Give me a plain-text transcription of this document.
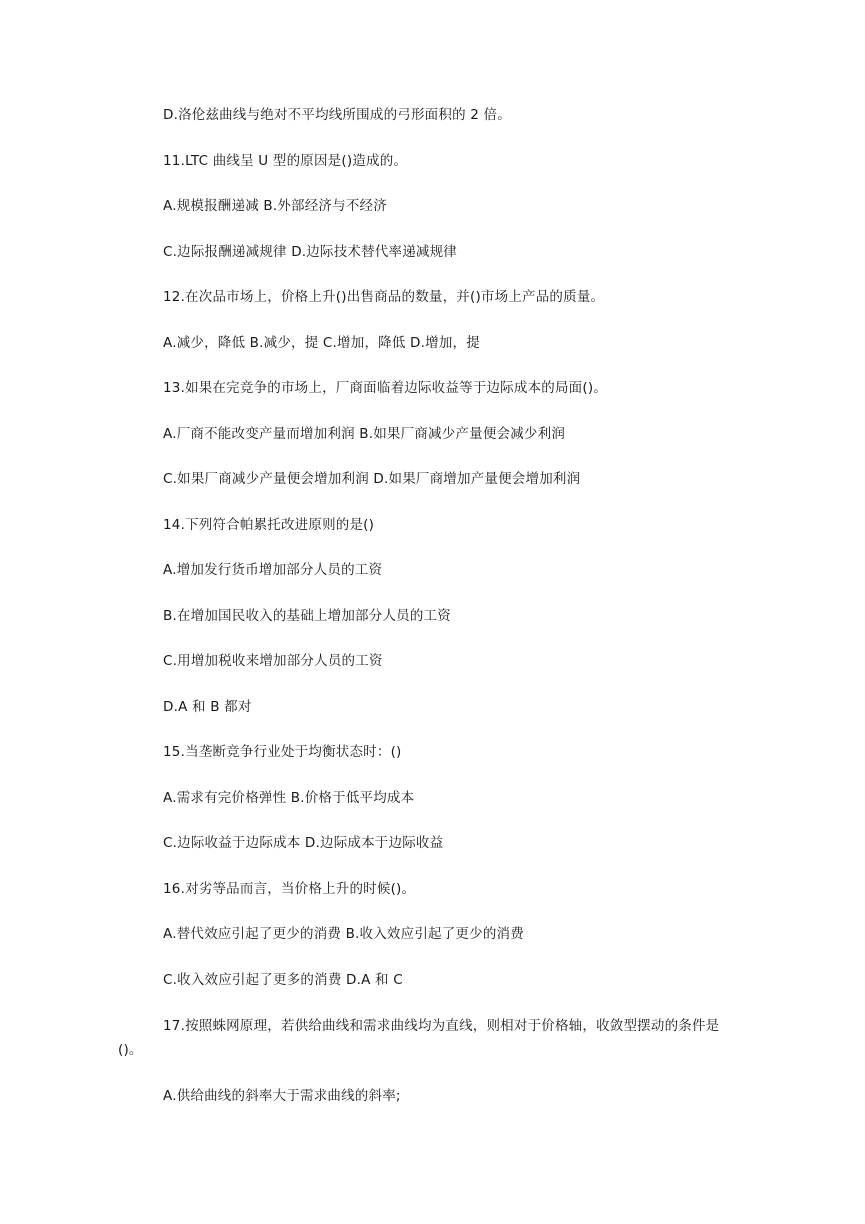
D.洛伦兹曲线与绝对不平均线所围成的弓形面积的 2 倍。
11.LTC 曲线呈 U 型的原因是()造成的。
A.规模报酬递减 B.外部经济与不经济
C.边际报酬递减规律 D.边际技术替代率递减规律
12.在次品市场上，价格上升()出售商品的数量，并()市场上产品的质量。
A.减少，降低 B.减少，提 C.增加，降低 D.增加，提
13.如果在完竞争的市场上，厂商面临着边际收益等于边际成本的局面()。
A.厂商不能改变产量而增加利润 B.如果厂商减少产量便会减少利润
C.如果厂商减少产量便会增加利润 D.如果厂商增加产量便会增加利润
14.下列符合帕累托改进原则的是()
A.增加发行货币增加部分人员的工资
B.在增加国民收入的基础上增加部分人员的工资
C.用增加税收来增加部分人员的工资
D.A 和 B 都对
15.当垄断竞争行业处于均衡状态时：()
A.需求有完价格弹性 B.价格于低平均成本
C.边际收益于边际成本 D.边际成本于边际收益
16.对劣等品而言，当价格上升的时候()。
A.替代效应引起了更少的消费 B.收入效应引起了更少的消费
C.收入效应引起了更多的消费 D.A 和 C
17.按照蛛网原理，若供给曲线和需求曲线均为直线，则相对于价格轴，收敛型摆动的条件是()。
A.供给曲线的斜率大于需求曲线的斜率;
